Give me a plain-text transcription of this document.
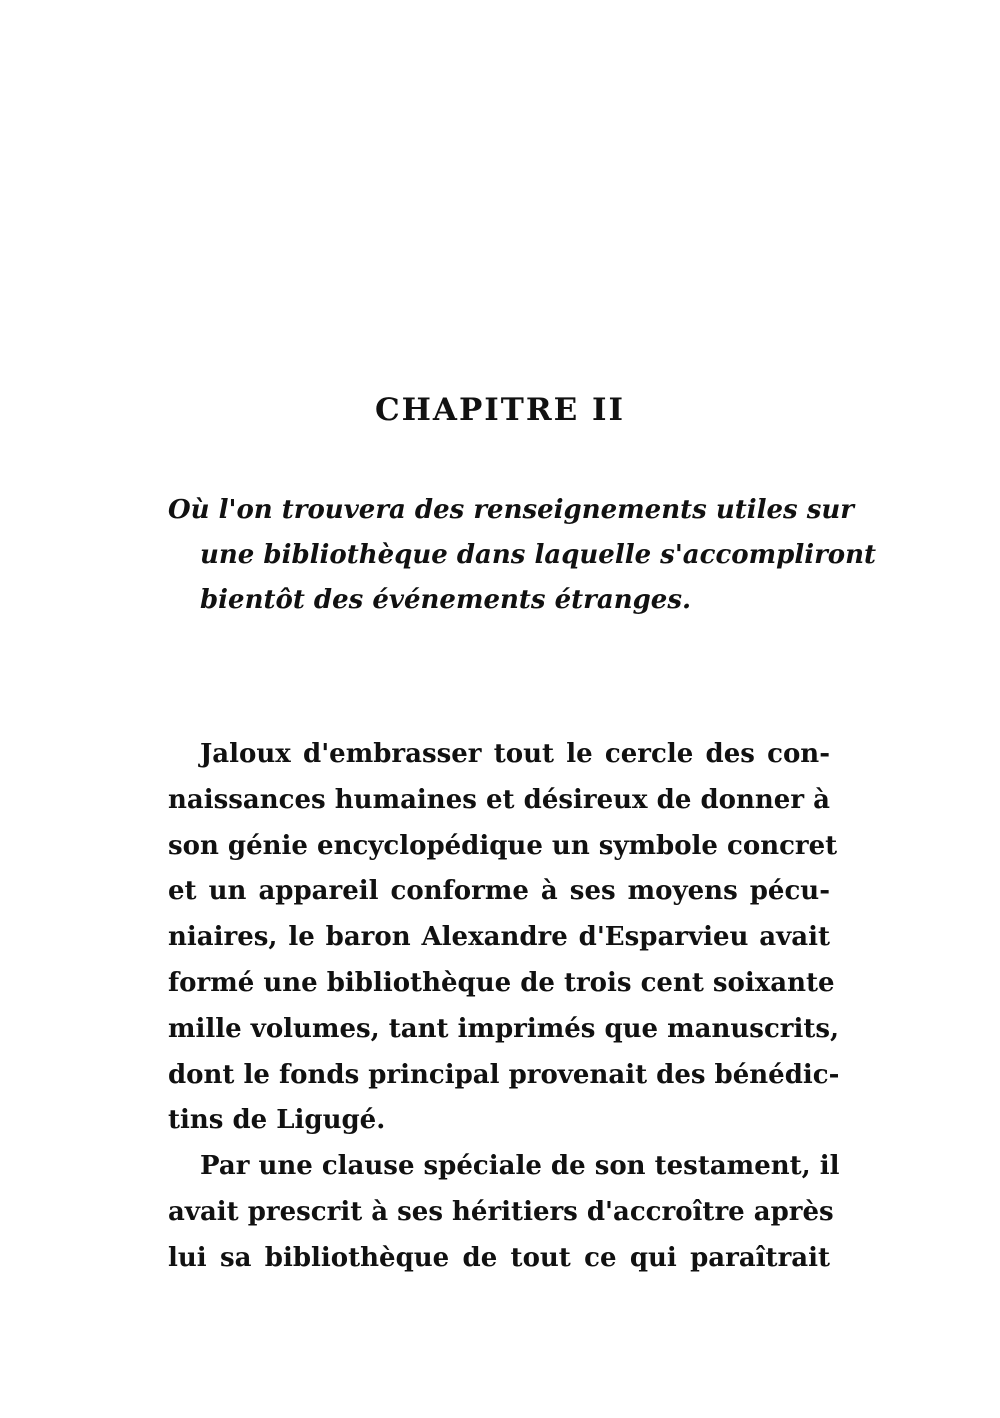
CHAPITRE II
Où l'on trouvera des renseignements utiles sur
une bibliothèque dans laquelle s'accompliront
bientôt des événements étranges.
Jaloux d'embrasser tout le cercle des con-
naissances humaines et désireux de donner à
son génie encyclopédique un symbole concret
et un appareil conforme à ses moyens pécu-
niaires, le baron Alexandre d'Esparvieu avait
formé une bibliothèque de trois cent soixante
mille volumes, tant imprimés que manuscrits,
dont le fonds principal provenait des bénédic-
tins de Ligugé.
Par une clause spéciale de son testament, il
avait prescrit à ses héritiers d'accroître après
lui sa bibliothèque de tout ce qui paraîtrait
